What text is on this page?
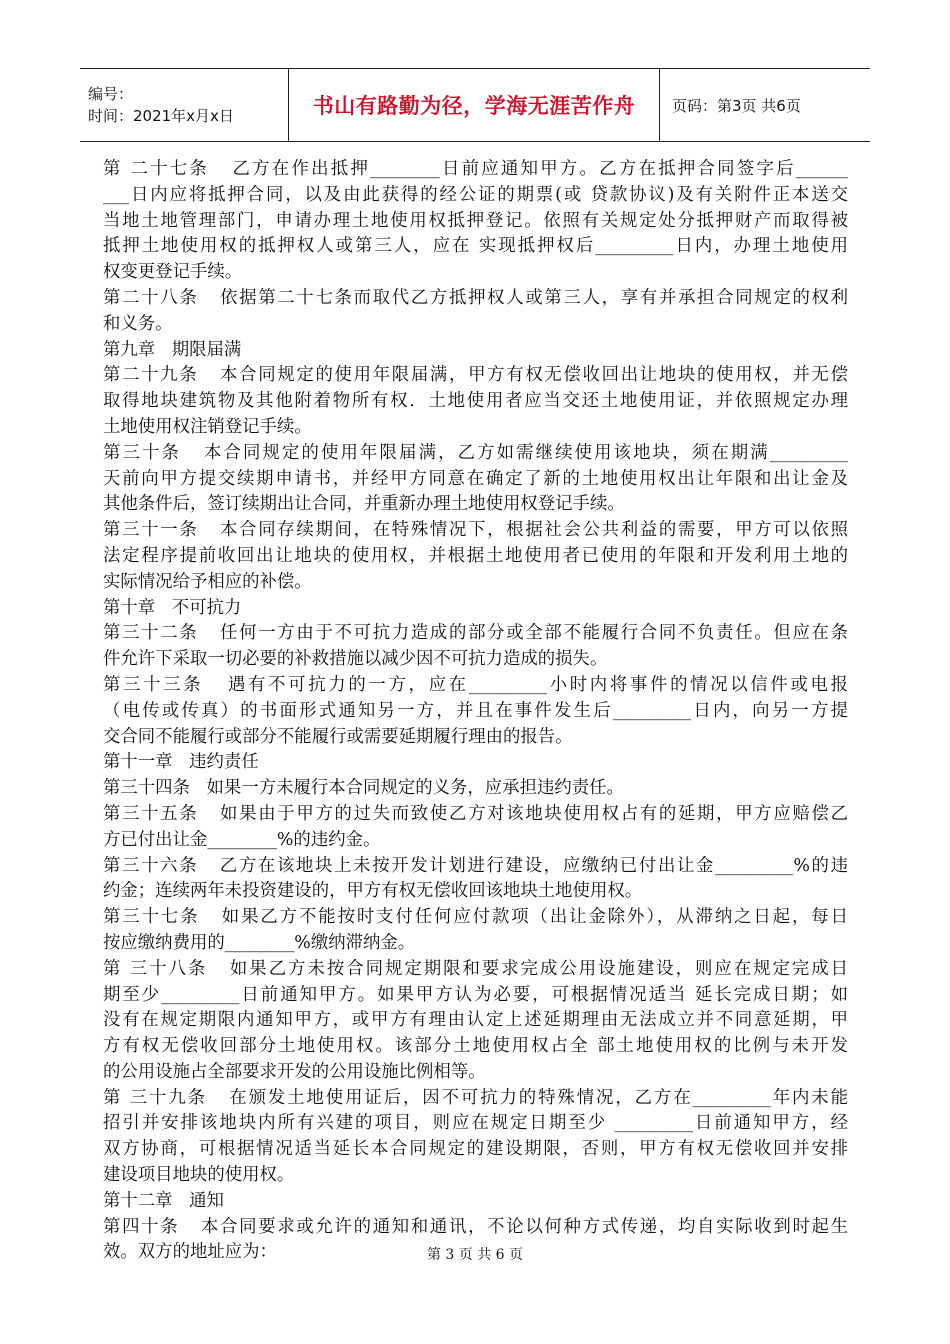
编号：
时间：2021年x月x日	书山有路勤为径，学海无涯苦作舟 页码：第3页 共6页
第 二十七条   乙方在作出抵押________日前应通知甲方。乙方在抵押合同签字后______
___日内应将抵押合同，以及由此获得的经公证的期票(或 贷款协议)及有关附件正本送交
当地土地管理部门，申请办理土地使用权抵押登记。依照有关规定处分抵押财产而取得被
抵押土地使用权的抵押权人或第三人，应在 实现抵押权后_________日内，办理土地使用
权变更登记手续。
第二十八条   依据第二十七条而取代乙方抵押权人或第三人，享有并承担合同规定的权利
和义务。
第九章   期限届满
第二十九条   本合同规定的使用年限届满，甲方有权无偿收回出让地块的使用权，并无偿
取得地块建筑物及其他附着物所有权．土地使用者应当交还土地使用证，并依照规定办理
土地使用权注销登记手续。
第三十条   本合同规定的使用年限届满，乙方如需继续使用该地块，须在期满_________
天前向甲方提交续期申请书，并经甲方同意在确定了新的土地使用权出让年限和出让金及
其他条件后，签订续期出让合同，并重新办理土地使用权登记手续。
第三十一条   本合同存续期间，在特殊情况下，根据社会公共利益的需要，甲方可以依照
法定程序提前收回出让地块的使用权，并根据土地使用者已使用的年限和开发利用土地的
实际情况给予相应的补偿。
第十章   不可抗力
第三十二条   任何一方由于不可抗力造成的部分或全部不能履行合同不负责任。但应在条
件允许下采取一切必要的补救措施以减少因不可抗力造成的损失。
第三十三条   遇有不可抗力的一方，应在_________小时内将事件的情况以信件或电报
（电传或传真）的书面形式通知另一方，并且在事件发生后_________日内，向另一方提
交合同不能履行或部分不能履行或需要延期履行理由的报告。
第十一章   违约责任
第三十四条   如果一方未履行本合同规定的义务，应承担违约责任。
第三十五条   如果由于甲方的过失而致使乙方对该地块使用权占有的延期，甲方应赔偿乙
方已付出让金________%的违约金。
第三十六条   乙方在该地块上未按开发计划进行建设，应缴纳已付出让金_________%的违
约金；连续两年未投资建设的，甲方有权无偿收回该地块土地使用权。
第三十七条   如果乙方不能按时支付任何应付款项（出让金除外），从滞纳之日起，每日
按应缴纳费用的________%缴纳滞纳金。
第 三十八条   如果乙方未按合同规定期限和要求完成公用设施建设，则应在规定完成日
期至少_________日前通知甲方。如果甲方认为必要，可根据情况适当 延长完成日期；如
没有在规定期限内通知甲方，或甲方有理由认定上述延期理由无法成立并不同意延期，甲
方有权无偿收回部分土地使用权。该部分土地使用权占全 部土地使用权的比例与未开发
的公用设施占全部要求开发的公用设施比例相等。
第 三十九条   在颁发土地使用证后，因不可抗力的特殊情况，乙方在_________年内未能
招引并安排该地块内所有兴建的项目，则应在规定日期至少 _________日前通知甲方，经
双方协商，可根据情况适当延长本合同规定的建设期限，否则，甲方有权无偿收回并安排
建设项目地块的使用权。
第十二章   通知
第四十条   本合同要求或允许的通知和通讯，不论以何种方式传递，均自实际收到时起生
效。双方的地址应为：	第 3 页 共 6 页
